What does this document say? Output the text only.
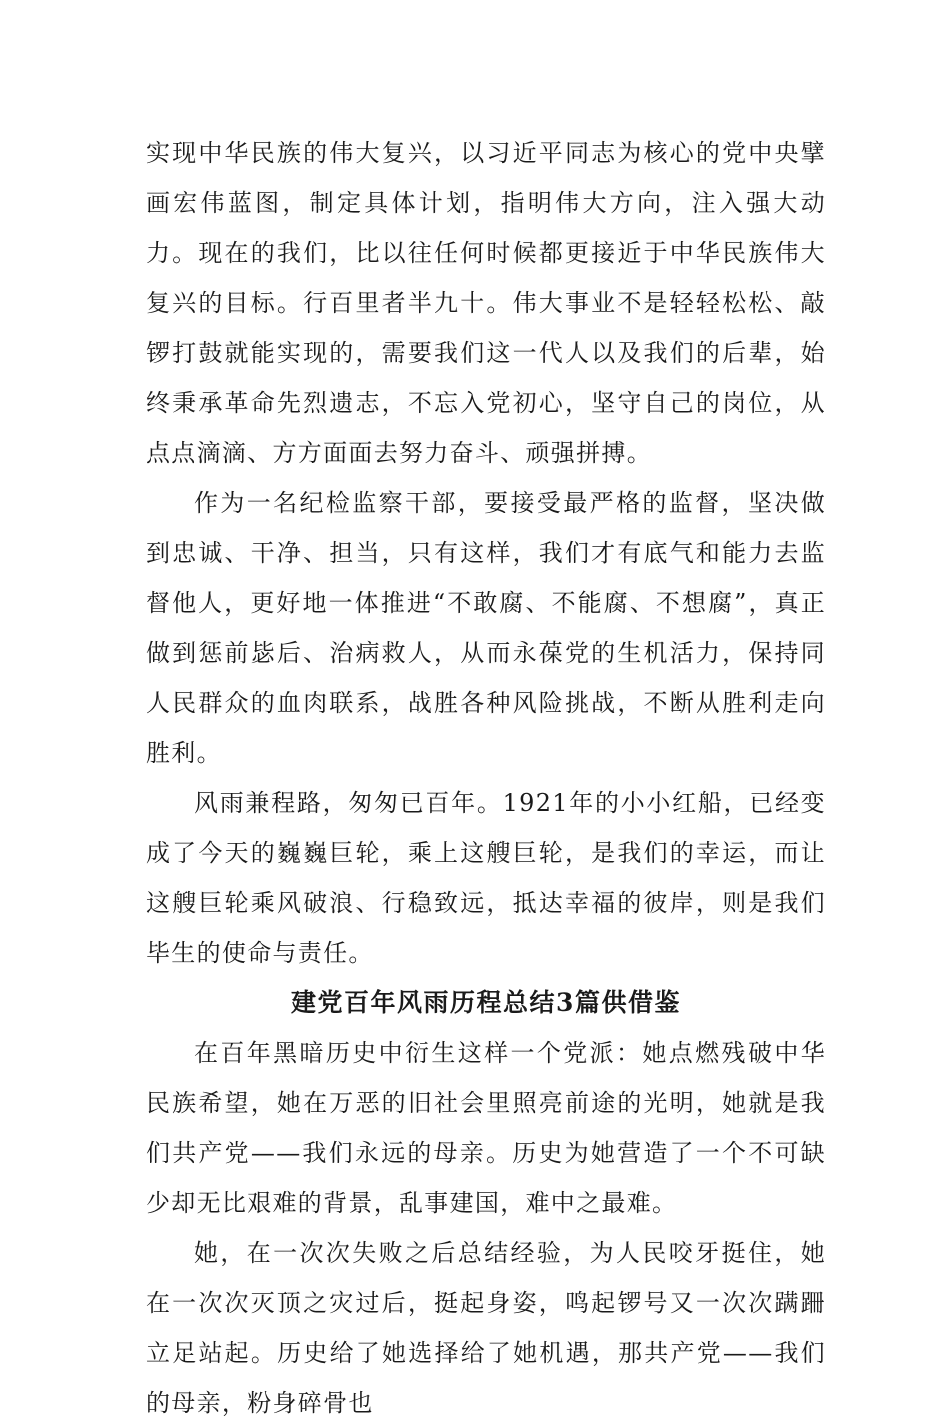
实现中华民族的伟大复兴，以习近平同志为核心的党中央擘画宏伟蓝图，制定具体计划，指明伟大方向，注入强大动力。现在的我们，比以往任何时候都更接近于中华民族伟大复兴的目标。行百里者半九十。伟大事业不是轻轻松松、敲锣打鼓就能实现的，需要我们这一代人以及我们的后辈，始终秉承革命先烈遗志，不忘入党初心，坚守自己的岗位，从点点滴滴、方方面面去努力奋斗、顽强拼搏。

作为一名纪检监察干部，要接受最严格的监督，坚决做到忠诚、干净、担当，只有这样，我们才有底气和能力去监督他人，更好地一体推进“不敢腐、不能腐、不想腐”，真正做到惩前毖后、治病救人，从而永葆党的生机活力，保持同人民群众的血肉联系，战胜各种风险挑战，不断从胜利走向胜利。

风雨兼程路，匆匆已百年。1921年的小小红船，已经变成了今天的巍巍巨轮，乘上这艘巨轮，是我们的幸运，而让这艘巨轮乘风破浪、行稳致远，抵达幸福的彼岸，则是我们毕生的使命与责任。

建党百年风雨历程总结3篇供借鉴

在百年黑暗历史中衍生这样一个党派：她点燃残破中华民族希望，她在万恶的旧社会里照亮前途的光明，她就是我们共产党——我们永远的母亲。历史为她营造了一个不可缺少却无比艰难的背景，乱事建国，难中之最难。

她，在一次次失败之后总结经验，为人民咬牙挺住，她在一次次灭顶之灾过后，挺起身姿，鸣起锣号又一次次蹒跚立足站起。历史给了她选择给了她机遇，那共产党——我们的母亲，粉身碎骨也
